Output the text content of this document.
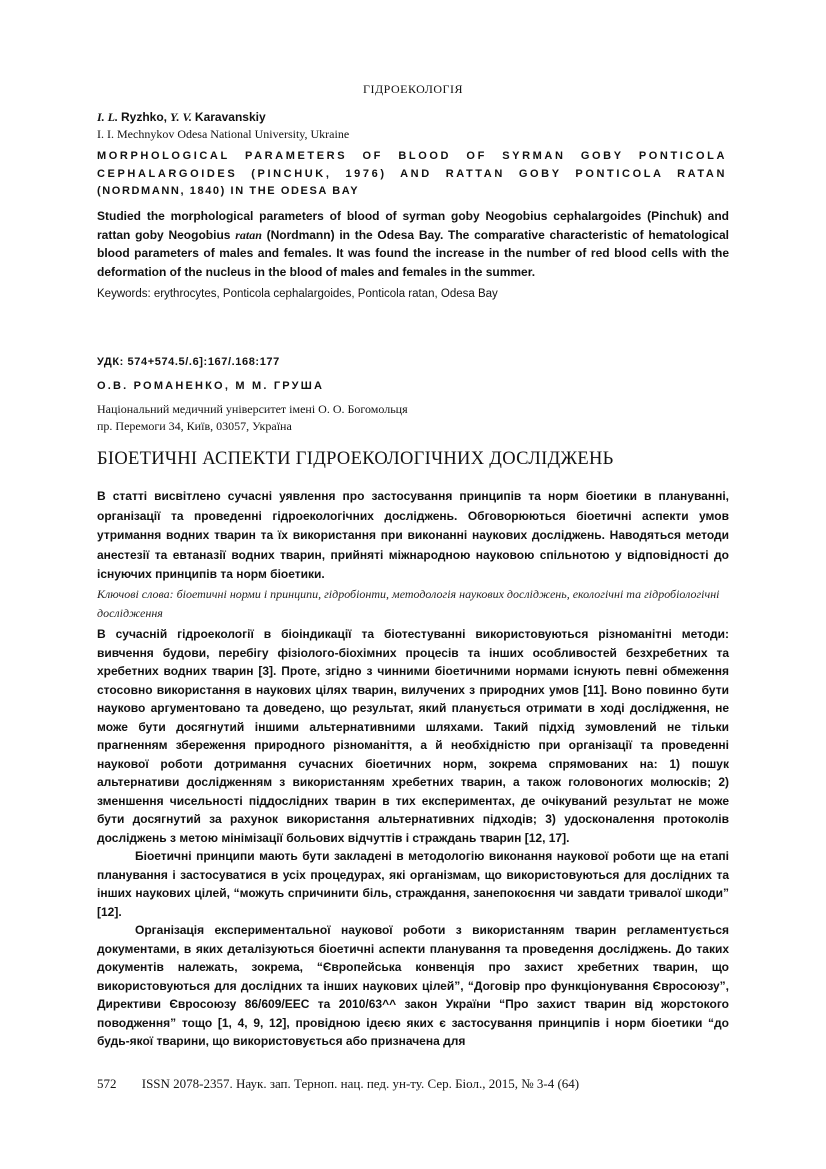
ГІДРОЕКОЛОГІЯ
I. L. Ryzhko, Y. V. Karavanskiy
I. I. Mechnykov Odesa National University, Ukraine
MORPHOLOGICAL PARAMETERS OF BLOOD OF SYRMAN GOBY PONTICOLA
CEPHALARGOIDES (PINCHUK, 1976) AND RATTAN GOBY PONTICOLA RATAN
(NORDMANN, 1840) IN THE ODESA BAY
Studied the morphological parameters of blood of syrman goby Neogobius cephalargoides (Pinchuk) and rattan goby Neogobius ratan (Nordmann) in the Odesa Bay. The comparative characteristic of hematological blood parameters of males and females. It was found the increase in the number of red blood cells with the deformation of the nucleus in the blood of males and females in the summer.
Keywords: erythrocytes, Ponticola cephalargoides, Ponticola ratan, Odesa Bay
УДК: 574+574.5/.6]:167/.168:177
О.В. РОМАНЕНКО, М М. ГРУША
Національний медичний університет імені О. О. Богомольця
пр. Перемоги 34, Київ, 03057, Україна
БІОЕТИЧНІ АСПЕКТИ ГІДРОЕКОЛОГІЧНИХ ДОСЛІДЖЕНЬ
В статті висвітлено сучасні уявлення про застосування принципів та норм біоетики в плануванні, організації та проведенні гідроекологічних досліджень. Обговорюються біоетичні аспекти умов утримання водних тварин та їх використання при виконанні наукових досліджень. Наводяться методи анестезії та евтаназії водних тварин, прийняті міжнародною науковою спільнотою у відповідності до існуючих принципів та норм біоетики.
Ключові слова: біоетичні норми і принципи, гідробіонти, методологія наукових досліджень, екологічні та гідробіологічні дослідження

В сучасній гідроекології в біоіндикації та біотестуванні використовуються різноманітні методи: вивчення будови, перебігу фізіолого-біохімних процесів та інших особливостей безхребетних та хребетних водних тварин [3]. Проте, згідно з чинними біоетичними нормами існують певні обмеження стосовно використання в наукових цілях тварин, вилучених з природних умов [11]. Воно повинно бути науково аргументовано та доведено, що результат, який планується отримати в ході дослідження, не може бути досягнутий іншими альтернативними шляхами. Такий підхід зумовлений не тільки прагненням збереження природного різноманіття, а й необхідністю при організації та проведенні наукової роботи дотримання сучасних біоетичних норм, зокрема спрямованих на: 1) пошук альтернативи дослідженням з використанням хребетних тварин, а також головоногих молюсків; 2) зменшення чисельності піддослідних тварин в тих експериментах, де очікуваний результат не може бути досягнутий за рахунок використання альтернативних підходів; 3) удосконалення протоколів досліджень з метою мінімізації больових відчуттів і страждань тварин [12, 17].

Біоетичні принципи мають бути закладені в методологію виконання наукової роботи ще на етапі планування і застосуватися в усіх процедурах, які організмам, що використовуються для дослідних та інших наукових цілей, “можуть спричинити біль, страждання, занепокоєння чи завдати тривалої шкоди” [12].

Організація експериментальної наукової роботи з використанням тварин регламентується документами, в яких деталізуються біоетичні аспекти планування та проведення досліджень. До таких документів належать, зокрема, “Європейська конвенція про захист хребетних тварин, що використовуються для дослідних та інших наукових цілей”, “Договір про функціонування Євросоюзу”, Директиви Євросоюзу 86/609/EEC та 2010/63^^ закон України “Про захист тварин від жорстокого поводження” тощо [1, 4, 9, 12], провідною ідеєю яких є застосування принципів і норм біоетики “до будь-якої тварини, що використовується або призначена для

572 ISSN 2078-2357. Наук. зап. Терноп. нац. пед. ун-ту. Сер. Біол., 2015, № 3-4 (64)
